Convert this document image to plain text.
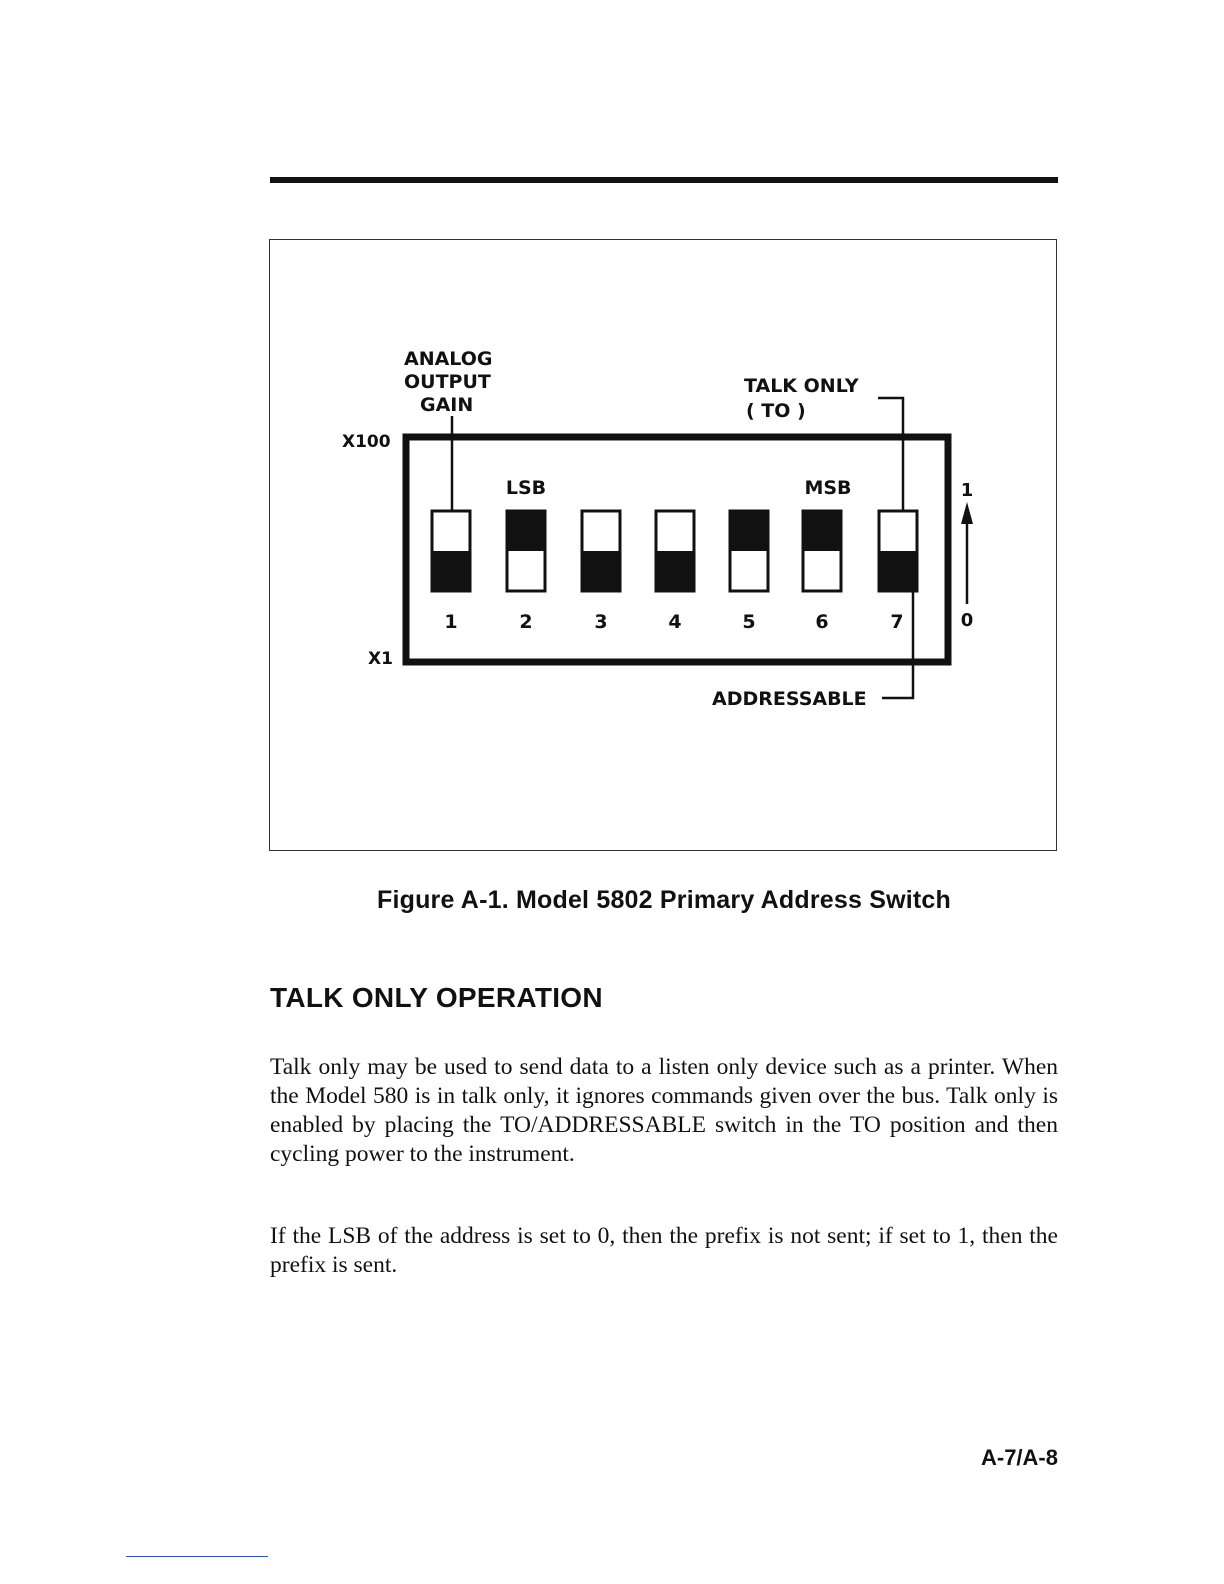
1	2	3	4	5	6	7
LSB	MSB
ANALOG
OUTPUT
GAIN
TALK ONLY
( TO )
ADDRESSABLE
X100
X1
1
0
Figure A-1. Model 5802 Primary Address Switch
TALK ONLY OPERATION

Talk only may be used to send data to a listen only device such as a printer. When the Model 580 is in talk only, it ignores commands given over the bus. Talk only is enabled by placing the TO/ADDRESSABLE switch in the TO position and then cycling power to the instrument.

If the LSB of the address is set to 0, then the prefix is not sent; if set to 1, then the prefix is sent.

A-7/A-8
